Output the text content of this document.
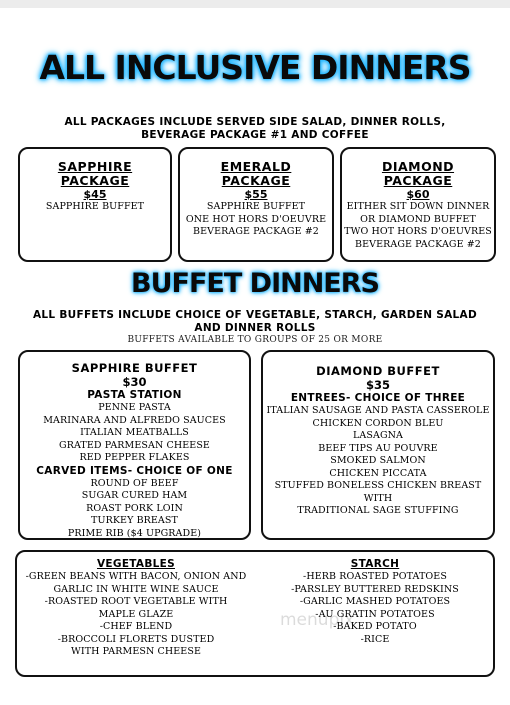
ALL INCLUSIVE DINNERS
ALL PACKAGES INCLUDE SERVED SIDE SALAD, DINNER ROLLS,
BEVERAGE PACKAGE #1 AND COFFEE
SAPPHIRE
PACKAGE
$45
SAPPHIRE BUFFET
EMERALD
PACKAGE
$55
SAPPHIRE BUFFET
ONE HOT HORS D'OEUVRE
BEVERAGE PACKAGE #2
DIAMOND
PACKAGE
$60
EITHER SIT DOWN DINNER
OR DIAMOND BUFFET
TWO HOT HORS D'OEUVRES
BEVERAGE PACKAGE #2
BUFFET DINNERS
ALL BUFFETS INCLUDE CHOICE OF VEGETABLE, STARCH, GARDEN SALAD
AND DINNER ROLLS
BUFFETS AVAILABLE TO GROUPS OF 25 OR MORE
SAPPHIRE BUFFET
$30
PASTA STATION
PENNE PASTA
MARINARA AND ALFREDO SAUCES
ITALIAN MEATBALLS
GRATED PARMESAN CHEESE
RED PEPPER FLAKES
CARVED ITEMS- CHOICE OF ONE
ROUND OF BEEF
SUGAR CURED HAM
ROAST PORK LOIN
TURKEY BREAST
PRIME RIB ($4 UPGRADE)
DIAMOND BUFFET
$35
ENTREES- CHOICE OF THREE
ITALIAN SAUSAGE AND PASTA CASSEROLE
CHICKEN CORDON BLEU
LASAGNA
BEEF TIPS AU POUVRE
SMOKED SALMON
CHICKEN PICCATA
STUFFED BONELESS CHICKEN BREAST WITH
TRADITIONAL SAGE STUFFING
VEGETABLES
-GREEN BEANS WITH BACON, ONION AND
GARLIC IN WHITE WINE SAUCE
-ROASTED ROOT VEGETABLE WITH
MAPLE GLAZE
-CHEF BLEND
-BROCCOLI FLORETS DUSTED
WITH PARMESN CHEESE
STARCH
-HERB ROASTED POTATOES
-PARSLEY BUTTERED REDSKINS
-GARLIC MASHED POTATOES
-AU GRATIN POTATOES
-BAKED POTATO
-RICE
menupix
